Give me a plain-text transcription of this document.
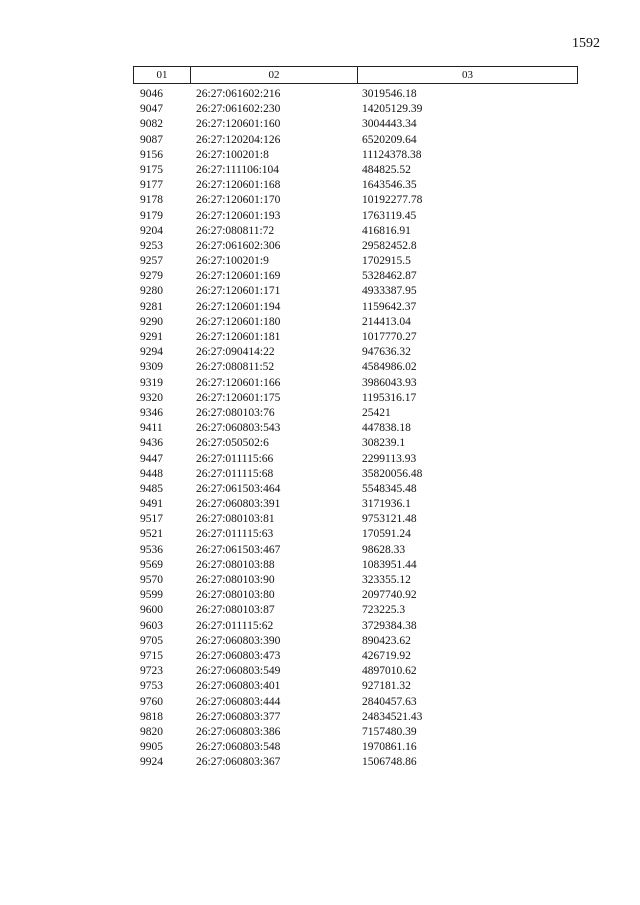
1592
01	02	03
9046	26:27:061602:216	3019546.18
9047	26:27:061602:230	14205129.39
9082	26:27:120601:160	3004443.34
9087	26:27:120204:126	6520209.64
9156	26:27:100201:8	11124378.38
9175	26:27:111106:104	484825.52
9177	26:27:120601:168	1643546.35
9178	26:27:120601:170	10192277.78
9179	26:27:120601:193	1763119.45
9204	26:27:080811:72	416816.91
9253	26:27:061602:306	29582452.8
9257	26:27:100201:9	1702915.5
9279	26:27:120601:169	5328462.87
9280	26:27:120601:171	4933387.95
9281	26:27:120601:194	1159642.37
9290	26:27:120601:180	214413.04
9291	26:27:120601:181	1017770.27
9294	26:27:090414:22	947636.32
9309	26:27:080811:52	4584986.02
9319	26:27:120601:166	3986043.93
9320	26:27:120601:175	1195316.17
9346	26:27:080103:76	25421
9411	26:27:060803:543	447838.18
9436	26:27:050502:6	308239.1
9447	26:27:011115:66	2299113.93
9448	26:27:011115:68	35820056.48
9485	26:27:061503:464	5548345.48
9491	26:27:060803:391	3171936.1
9517	26:27:080103:81	9753121.48
9521	26:27:011115:63	170591.24
9536	26:27:061503:467	98628.33
9569	26:27:080103:88	1083951.44
9570	26:27:080103:90	323355.12
9599	26:27:080103:80	2097740.92
9600	26:27:080103:87	723225.3
9603	26:27:011115:62	3729384.38
9705	26:27:060803:390	890423.62
9715	26:27:060803:473	426719.92
9723	26:27:060803:549	4897010.62
9753	26:27:060803:401	927181.32
9760	26:27:060803:444	2840457.63
9818	26:27:060803:377	24834521.43
9820	26:27:060803:386	7157480.39
9905	26:27:060803:548	1970861.16
9924	26:27:060803:367	1506748.86
